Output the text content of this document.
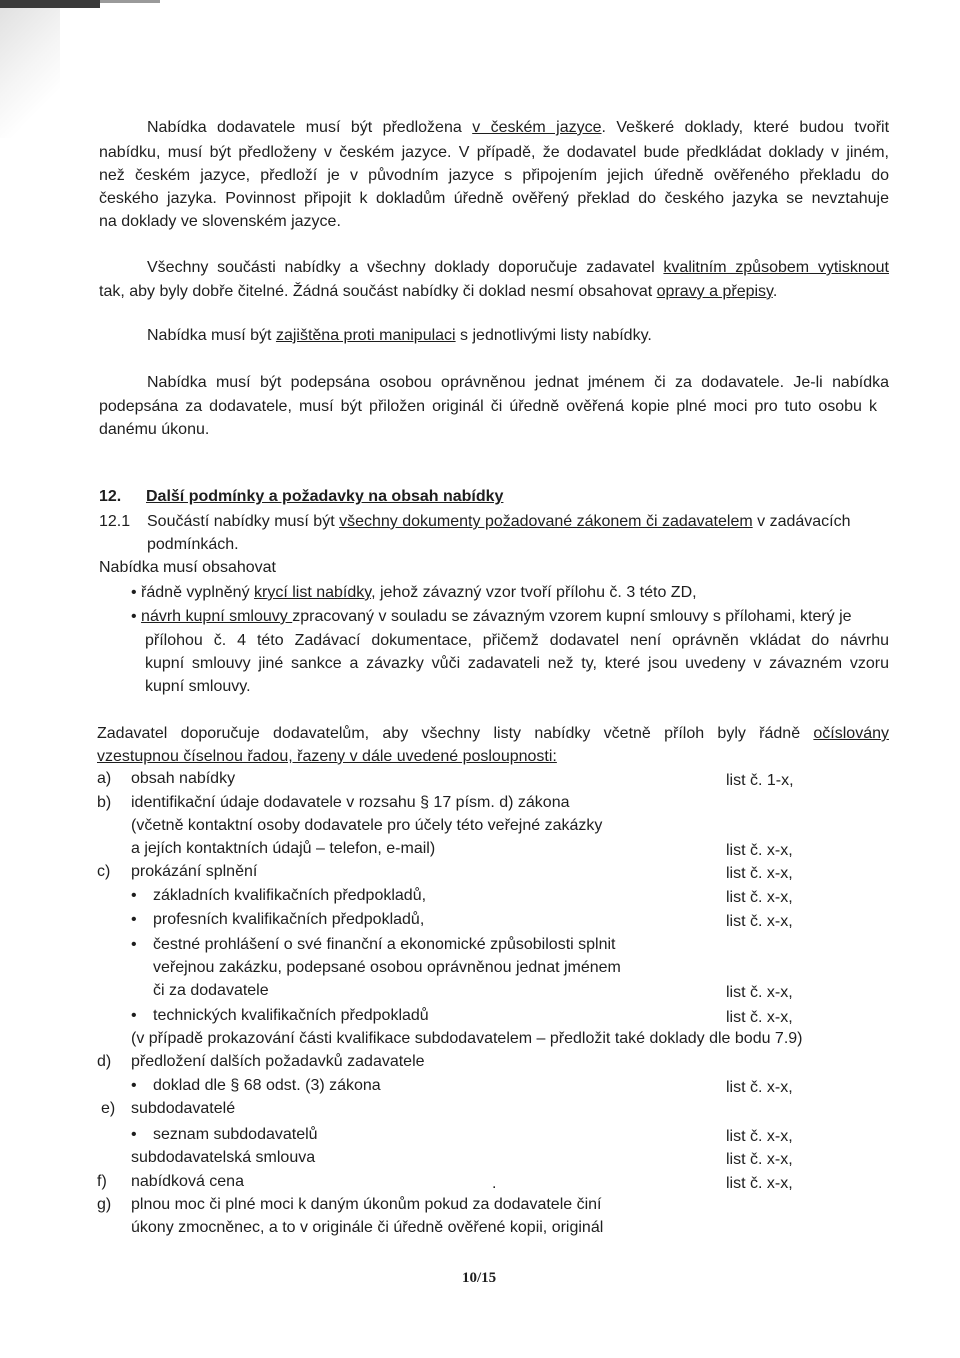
Nabídka dodavatele musí být předložena v českém jazyce. Veškeré doklady, které budou tvořit
nabídku, musí být předloženy v českém jazyce. V případě, že dodavatel bude předkládat doklady v jiném,
než českém jazyce, předloží je v původním jazyce s připojením jejich úředně ověřeného překladu do
českého jazyka. Povinnost připojit k dokladům úředně ověřený překlad do českého jazyka se nevztahuje
na doklady ve slovenském jazyce.
Všechny součásti nabídky a všechny doklady doporučuje zadavatel kvalitním způsobem vytisknout
tak, aby byly dobře čitelné. Žádná součást nabídky či doklad nesmí obsahovat opravy a přepisy.
Nabídka musí být zajištěna proti manipulaci s jednotlivými listy nabídky.
Nabídka musí být podepsána osobou oprávněnou jednat jménem či za dodavatele. Je-li nabídka
podepsána za dodavatele, musí být přiložen originál či úředně ověřená kopie plné moci pro tuto osobu k
danému úkonu.
12. Další podmínky a požadavky na obsah nabídky
12.1 Součástí nabídky musí být všechny dokumenty požadované zákonem či zadavatelem v zadávacích
podmínkách.
Nabídka musí obsahovat
• řádně vyplněný krycí list nabídky, jehož závazný vzor tvoří přílohu č. 3 této ZD,
• návrh kupní smlouvy zpracovaný v souladu se závazným vzorem kupní smlouvy s přílohami, který je
přílohou č. 4 této Zadávací dokumentace, přičemž dodavatel není oprávněn vkládat do návrhu
kupní smlouvy jiné sankce a závazky vůči zadavateli než ty, které jsou uvedeny v závazném vzoru
kupní smlouvy.
Zadavatel doporučuje dodavatelům, aby všechny listy nabídky včetně příloh byly řádně očíslovány
vzestupnou číselnou řadou, řazeny v dále uvedené posloupnosti:
a) obsah nabídky	list č. 1-x,
b) identifikační údaje dodavatele v rozsahu § 17 písm. d) zákona
(včetně kontaktní osoby dodavatele pro účely této veřejné zakázky
a jejích kontaktních údajů – telefon, e-mail)	list č. x-x,
c) prokázání splnění	list č. x-x,
• základních kvalifikačních předpokladů,	list č. x-x,
• profesních kvalifikačních předpokladů,	list č. x-x,
• čestné prohlášení o své finanční a ekonomické způsobilosti splnit
veřejnou zakázku, podepsané osobou oprávněnou jednat jménem
či za dodavatele	list č. x-x,
• technických kvalifikačních předpokladů	list č. x-x,
(v případě prokazování části kvalifikace subdodavatelem – předložit také doklady dle bodu 7.9)
d) předložení dalších požadavků zadavatele
• doklad dle § 68 odst. (3) zákona	list č. x-x,
e) subdodavatelé
• seznam subdodavatelů	list č. x-x,
subdodavatelská smlouva	list č. x-x,
f) nabídková cena	.	list č. x-x,
g) plnou moc či plné moci k daným úkonům pokud za dodavatele činí
úkony zmocněnec, a to v originále či úředně ověřené kopii, originál
10/15
